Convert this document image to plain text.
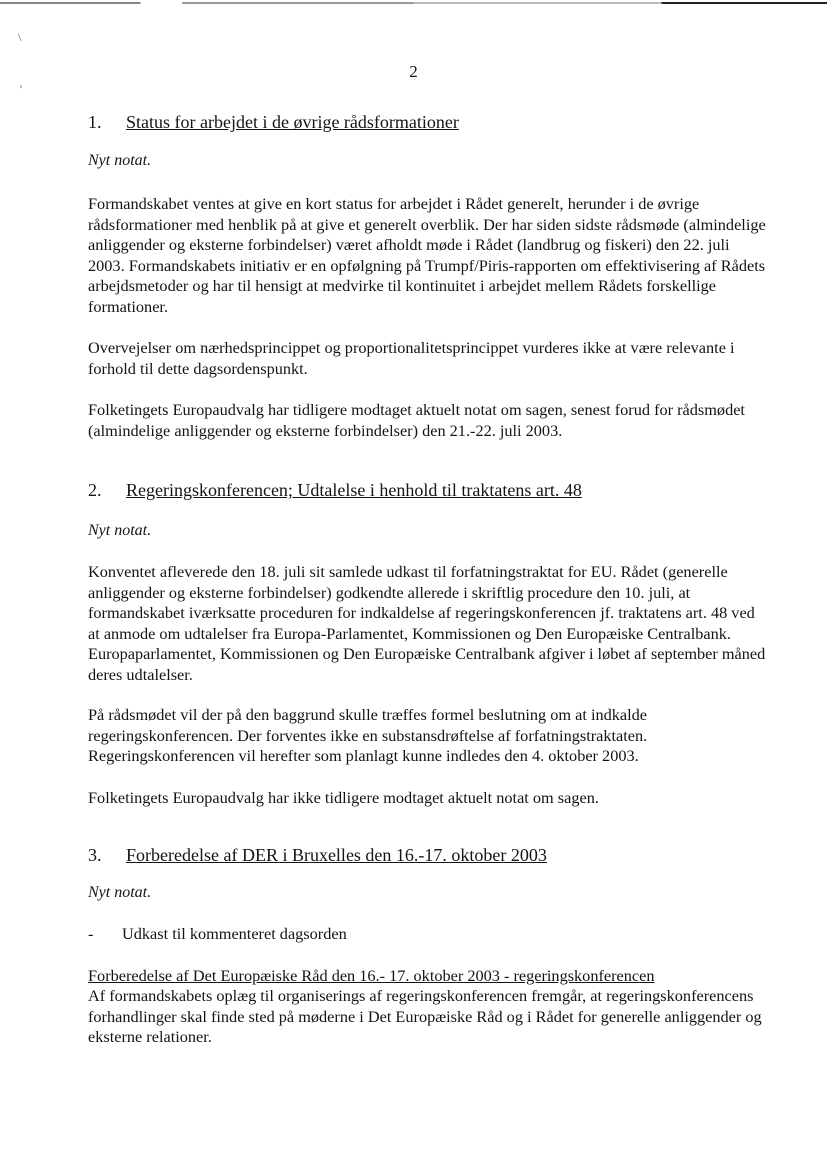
\
'
2
1. Status for arbejdet i de øvrige rådsformationer
Nyt notat.

Formandskabet ventes at give en kort status for arbejdet i Rådet generelt, herunder i de øvrige rådsformationer med henblik på at give et generelt overblik. Der har siden sidste rådsmøde (almindelige anliggender og eksterne forbindelser) været afholdt møde i Rådet (landbrug og fiskeri) den 22. juli 2003. Formandskabets initiativ er en opfølgning på Trumpf/Piris-rapporten om effektivisering af Rådets arbejdsmetoder og har til hensigt at medvirke til kontinuitet i arbejdet mellem Rådets forskellige formationer.

Overvejelser om nærhedsprincippet og proportionalitetsprincippet vurderes ikke at være relevante i forhold til dette dagsordenspunkt.

Folketingets Europaudvalg har tidligere modtaget aktuelt notat om sagen, senest forud for rådsmødet (almindelige anliggender og eksterne forbindelser) den 21.-22. juli 2003.

2. Regeringskonferencen; Udtalelse i henhold til traktatens art. 48
Nyt notat.

Konventet afleverede den 18. juli sit samlede udkast til forfatningstraktat for EU. Rådet (generelle anliggender og eksterne forbindelser) godkendte allerede i skriftlig procedure den 10. juli, at formandskabet iværksatte proceduren for indkaldelse af regeringskonferencen jf. traktatens art. 48 ved at anmode om udtalelser fra Europa-Parlamentet, Kommissionen og Den Europæiske Centralbank. Europaparlamentet, Kommissionen og Den Europæiske Centralbank afgiver i løbet af september måned deres udtalelser.

På rådsmødet vil der på den baggrund skulle træffes formel beslutning om at indkalde regeringskonferencen. Der forventes ikke en substansdrøftelse af forfatningstraktaten. Regeringskonferencen vil herefter som planlagt kunne indledes den 4. oktober 2003.

Folketingets Europaudvalg har ikke tidligere modtaget aktuelt notat om sagen.

3. Forberedelse af DER i Bruxelles den 16.-17. oktober 2003
Nyt notat.
- Udkast til kommenteret dagsorden
Forberedelse af Det Europæiske Råd den 16.- 17. oktober 2003 - regeringskonferencen

Af formandskabets oplæg til organiserings af regeringskonferencen fremgår, at regeringskonferencens forhandlinger skal finde sted på møderne i Det Europæiske Råd og i Rådet for generelle anliggender og eksterne relationer.
